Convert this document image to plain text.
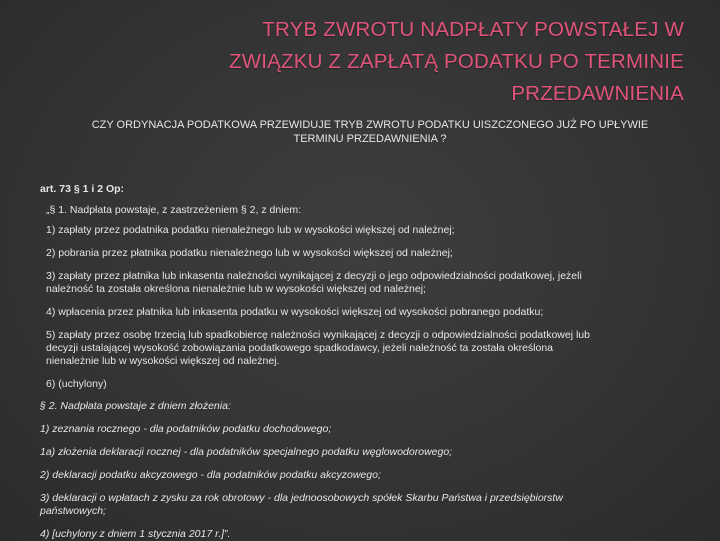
TRYB ZWROTU NADPŁATY POWSTAŁEJ W
ZWIĄZKU Z ZAPŁATĄ PODATKU PO TERMINIE
PRZEDAWNIENIA
CZY ORDYNACJA PODATKOWA PRZEWIDUJE TRYB ZWROTU PODATKU UISZCZONEGO JUŻ PO UPŁYWIE
TERMINU PRZEDAWNIENIA ?

art. 73 § 1 i 2 Op:

„§ 1. Nadpłata powstaje, z zastrzeżeniem § 2, z dniem:

1) zapłaty przez podatnika podatku nienależnego lub w wysokości większej od należnej;

2) pobrania przez płatnika podatku nienależnego lub w wysokości większej od należnej;

3) zapłaty przez płatnika lub inkasenta należności wynikającej z decyzji o jego odpowiedzialności podatkowej, jeżeli
należność ta została określona nienależnie lub w wysokości większej od należnej;

4) wpłacenia przez płatnika lub inkasenta podatku w wysokości większej od wysokości pobranego podatku;

5) zapłaty przez osobę trzecią lub spadkobiercę należności wynikającej z decyzji o odpowiedzialności podatkowej lub
decyzji ustalającej wysokość zobowiązania podatkowego spadkodawcy, jeżeli należność ta została określona
nienależnie lub w wysokości większej od należnej.

6) (uchylony)

§ 2. Nadpłata powstaje z dniem złożenia:

1) zeznania rocznego - dla podatników podatku dochodowego;

1a) złożenia deklaracji rocznej - dla podatników specjalnego podatku węglowodorowego;

2) deklaracji podatku akcyzowego - dla podatników podatku akcyzowego;

3) deklaracji o wpłatach z zysku za rok obrotowy - dla jednoosobowych spółek Skarbu Państwa i przedsiębiorstw
państwowych;

4) [uchylony z dniem 1 stycznia 2017 r.]”.
